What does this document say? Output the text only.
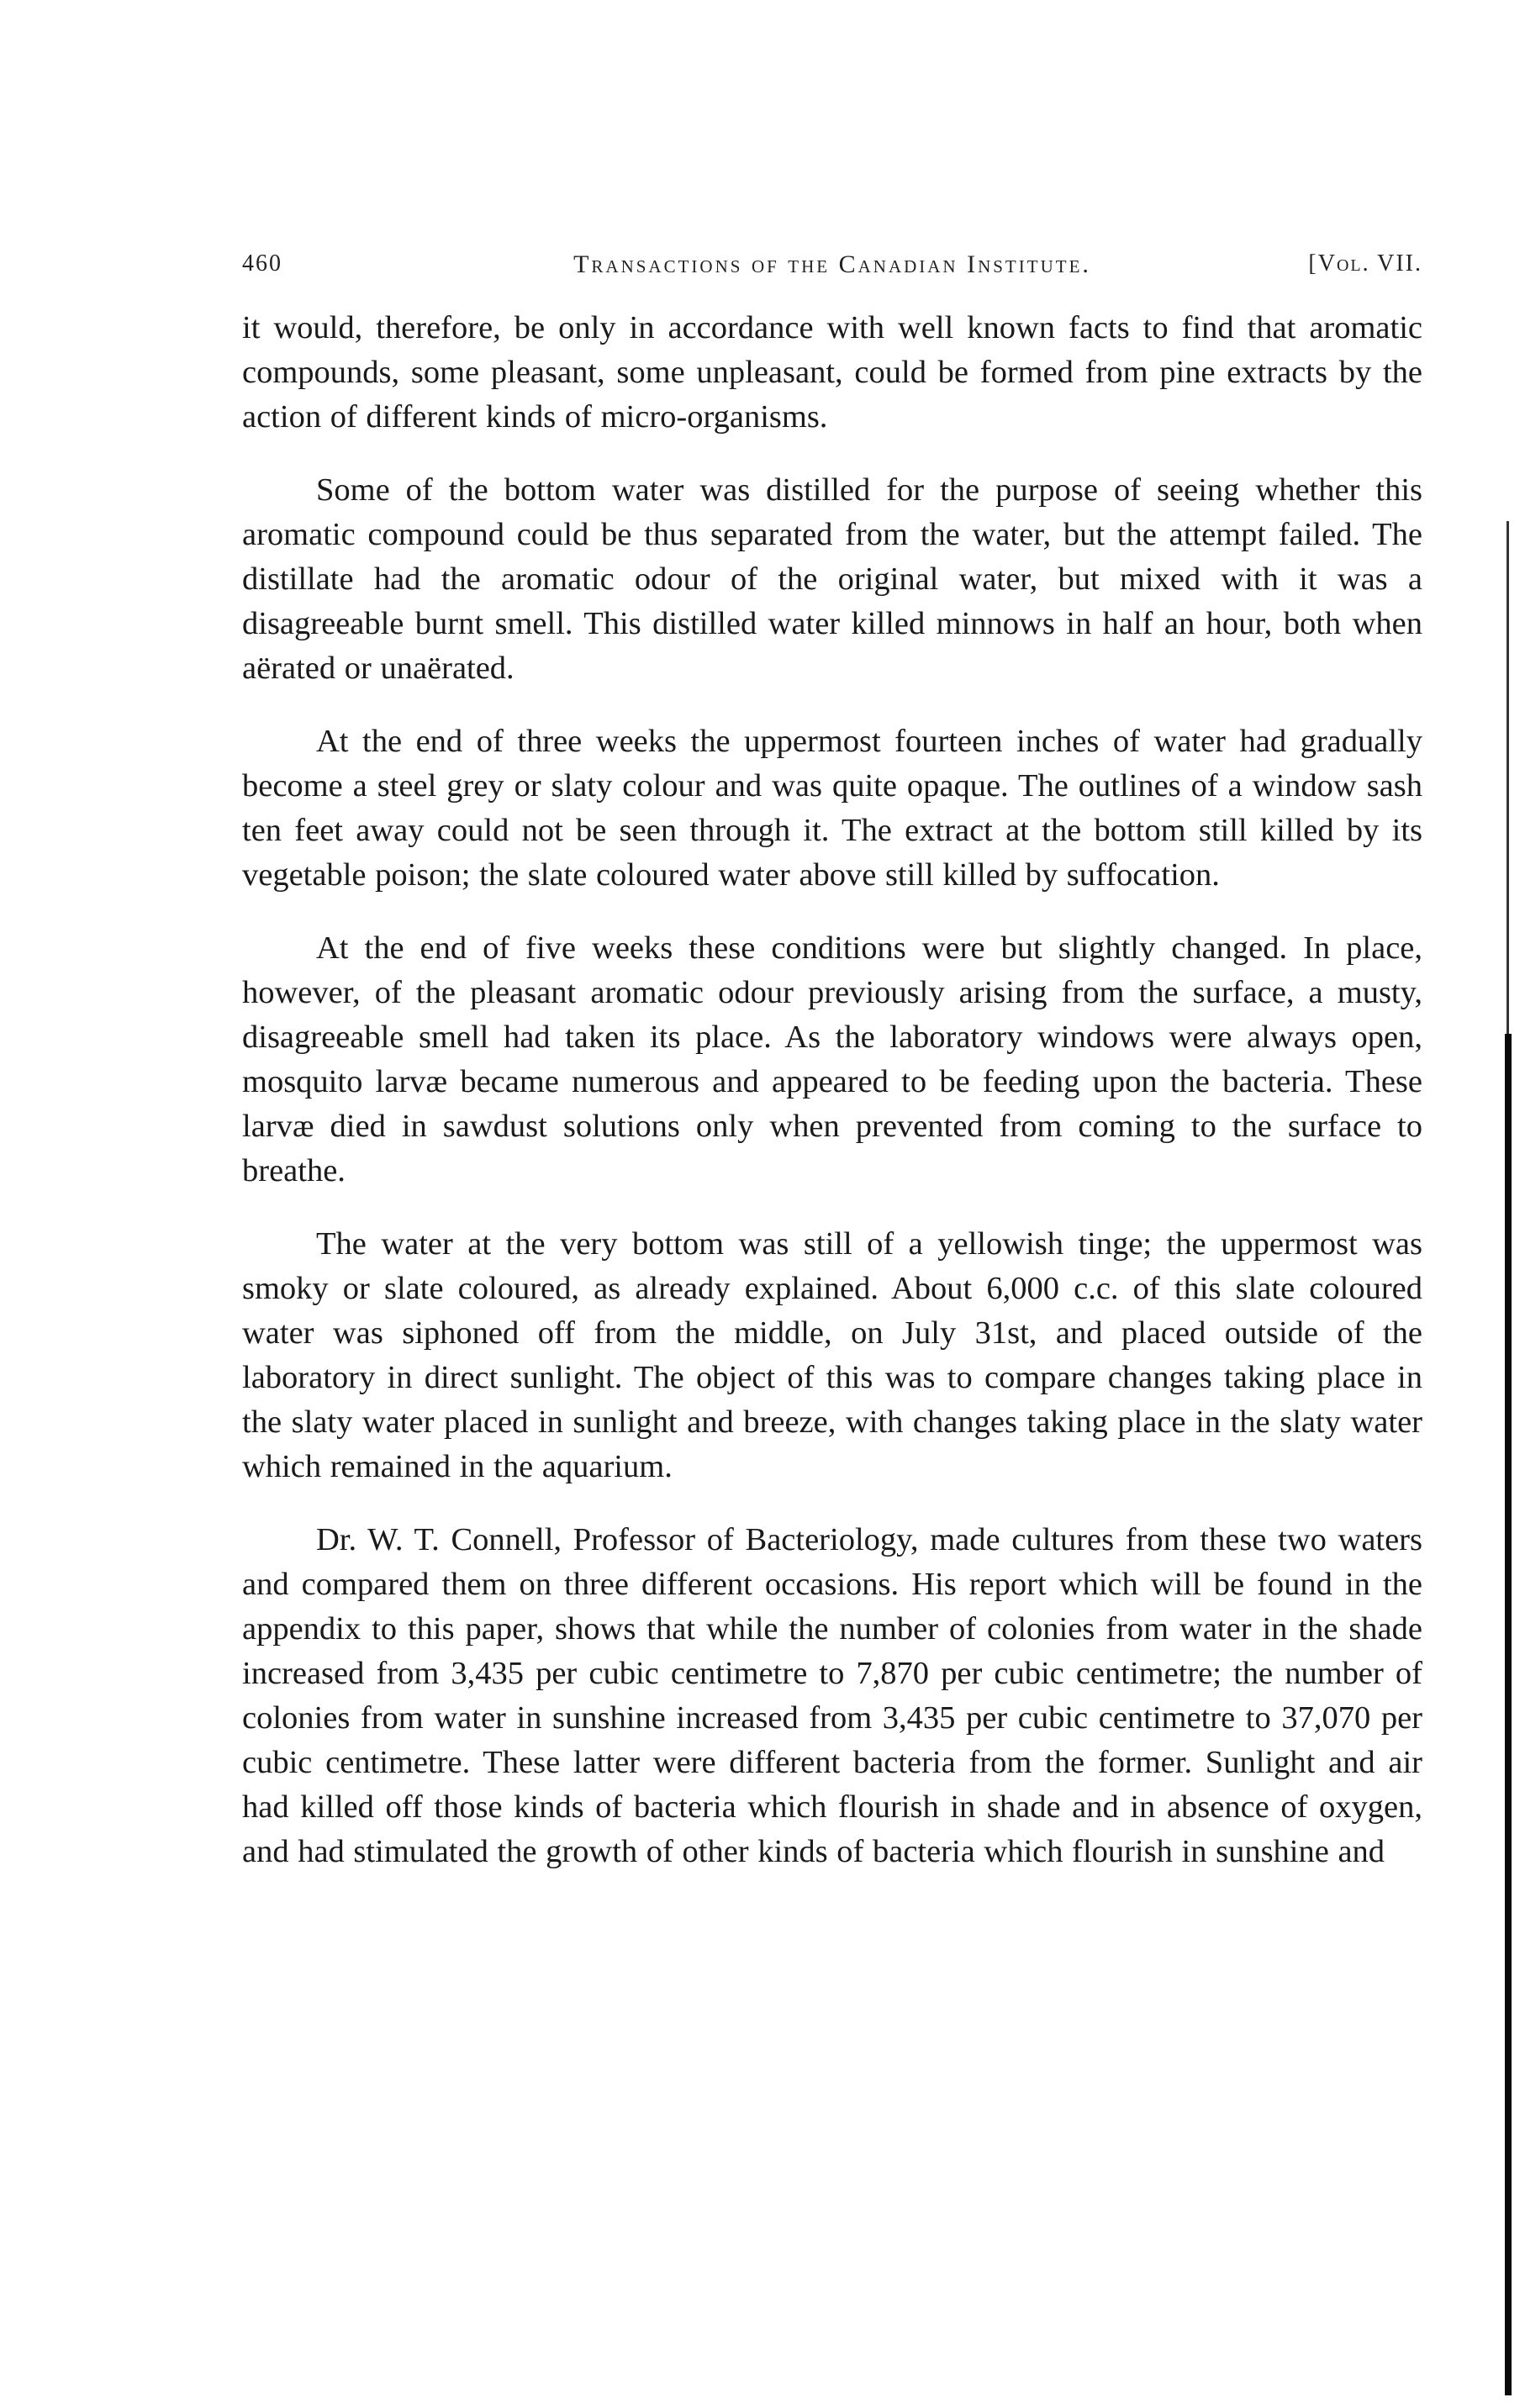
460	Transactions of the Canadian Institute.	[Vol. VII.

it would, therefore, be only in accordance with well known facts to find that aromatic compounds, some pleasant, some unpleasant, could be formed from pine extracts by the action of different kinds of micro-organisms.

Some of the bottom water was distilled for the purpose of seeing whether this aromatic compound could be thus separated from the water, but the attempt failed. The distillate had the aromatic odour of the original water, but mixed with it was a disagreeable burnt smell. This distilled water killed minnows in half an hour, both when aërated or unaërated.

At the end of three weeks the uppermost fourteen inches of water had gradually become a steel grey or slaty colour and was quite opaque. The outlines of a window sash ten feet away could not be seen through it. The extract at the bottom still killed by its vegetable poison; the slate coloured water above still killed by suffocation.

At the end of five weeks these conditions were but slightly changed. In place, however, of the pleasant aromatic odour previously arising from the surface, a musty, disagreeable smell had taken its place. As the laboratory windows were always open, mosquito larvæ became numerous and appeared to be feeding upon the bacteria. These larvæ died in sawdust solutions only when prevented from coming to the surface to breathe.

The water at the very bottom was still of a yellowish tinge; the uppermost was smoky or slate coloured, as already explained. About 6,000 c.c. of this slate coloured water was siphoned off from the middle, on July 31st, and placed outside of the laboratory in direct sunlight. The object of this was to compare changes taking place in the slaty water placed in sunlight and breeze, with changes taking place in the slaty water which remained in the aquarium.

Dr. W. T. Connell, Professor of Bacteriology, made cultures from these two waters and compared them on three different occasions. His report which will be found in the appendix to this paper, shows that while the number of colonies from water in the shade increased from 3,435 per cubic centimetre to 7,870 per cubic centimetre; the number of colonies from water in sunshine increased from 3,435 per cubic centimetre to 37,070 per cubic centimetre. These latter were different bacteria from the former. Sunlight and air had killed off those kinds of bacteria which flourish in shade and in absence of oxygen, and had stimulated the growth of other kinds of bacteria which flourish in sunshine and
